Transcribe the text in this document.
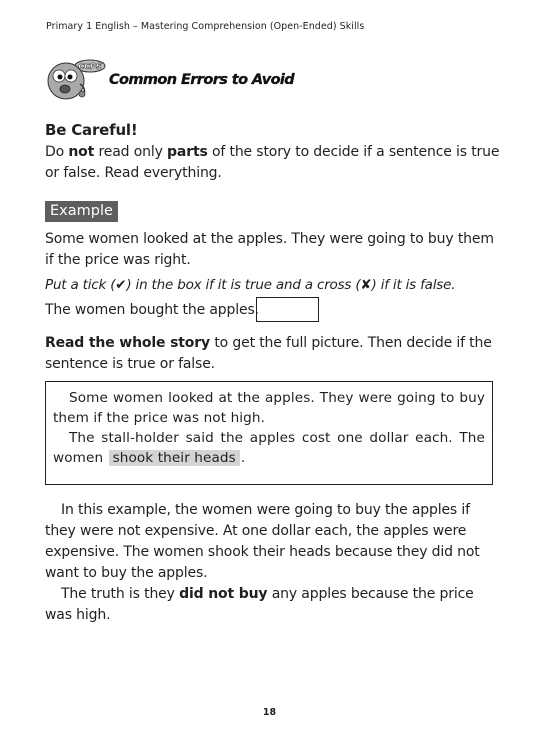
Primary 1 English – Mastering Comprehension (Open-Ended) Skills
CCPS
Common Errors to Avoid
Be Careful!
Do not read only parts of the story to decide if a sentence is true or false. Read everything.
Example
Some women looked at the apples. They were going to buy them if the price was right.
Put a tick (✔) in the box if it is true and a cross (✘) if it is false.
The women bought the apples.
Read the whole story to get the full picture. Then decide if the sentence is true or false.

Some women looked at the apples. They were going to buy them if the price was not high.

The stall-holder said the apples cost one dollar each. The women shook their heads .

In this example, the women were going to buy the apples if they were not expensive. At one dollar each, the apples were expensive. The women shook their heads because they did not want to buy the apples.

The truth is they did not buy any apples because the price was high.

18
